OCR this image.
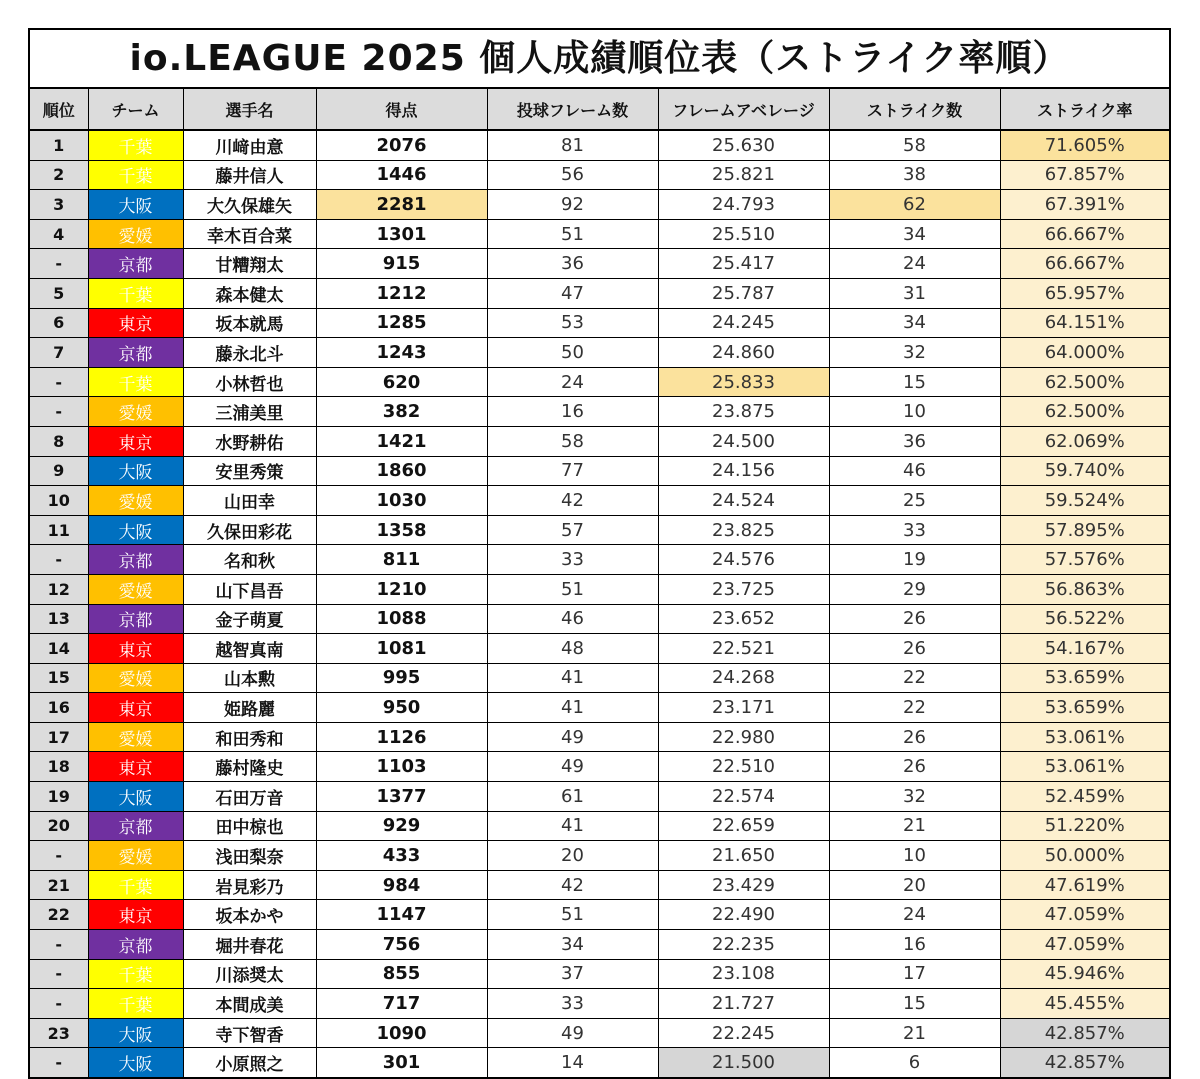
io.LEAGUE 2025 個人成績順位表（ストライク率順）
順位	チーム	選手名	得点	投球フレーム数	フレームアベレージ	ストライク数	ストライク率
1	千葉	川﨑由意	2076	81	25.630	58	71.605%
2	千葉	藤井信人	1446	56	25.821	38	67.857%
3	大阪	大久保雄矢	2281	92	24.793	62	67.391%
4	愛媛	幸木百合菜	1301	51	25.510	34	66.667%
-	京都	甘糟翔太	915	36	25.417	24	66.667%
5	千葉	森本健太	1212	47	25.787	31	65.957%
6	東京	坂本就馬	1285	53	24.245	34	64.151%
7	京都	藤永北斗	1243	50	24.860	32	64.000%
-	千葉	小林哲也	620	24	25.833	15	62.500%
-	愛媛	三浦美里	382	16	23.875	10	62.500%
8	東京	水野耕佑	1421	58	24.500	36	62.069%
9	大阪	安里秀策	1860	77	24.156	46	59.740%
10	愛媛	山田幸	1030	42	24.524	25	59.524%
11	大阪	久保田彩花	1358	57	23.825	33	57.895%
-	京都	名和秋	811	33	24.576	19	57.576%
12	愛媛	山下昌吾	1210	51	23.725	29	56.863%
13	京都	金子萌夏	1088	46	23.652	26	56.522%
14	東京	越智真南	1081	48	22.521	26	54.167%
15	愛媛	山本勲	995	41	24.268	22	53.659%
16	東京	姫路麗	950	41	23.171	22	53.659%
17	愛媛	和田秀和	1126	49	22.980	26	53.061%
18	東京	藤村隆史	1103	49	22.510	26	53.061%
19	大阪	石田万音	1377	61	22.574	32	52.459%
20	京都	田中椋也	929	41	22.659	21	51.220%
-	愛媛	浅田梨奈	433	20	21.650	10	50.000%
21	千葉	岩見彩乃	984	42	23.429	20	47.619%
22	東京	坂本かや	1147	51	22.490	24	47.059%
-	京都	堀井春花	756	34	22.235	16	47.059%
-	千葉	川添奨太	855	37	23.108	17	45.946%
-	千葉	本間成美	717	33	21.727	15	45.455%
23	大阪	寺下智香	1090	49	22.245	21	42.857%
-	大阪	小原照之	301	14	21.500	6	42.857%
